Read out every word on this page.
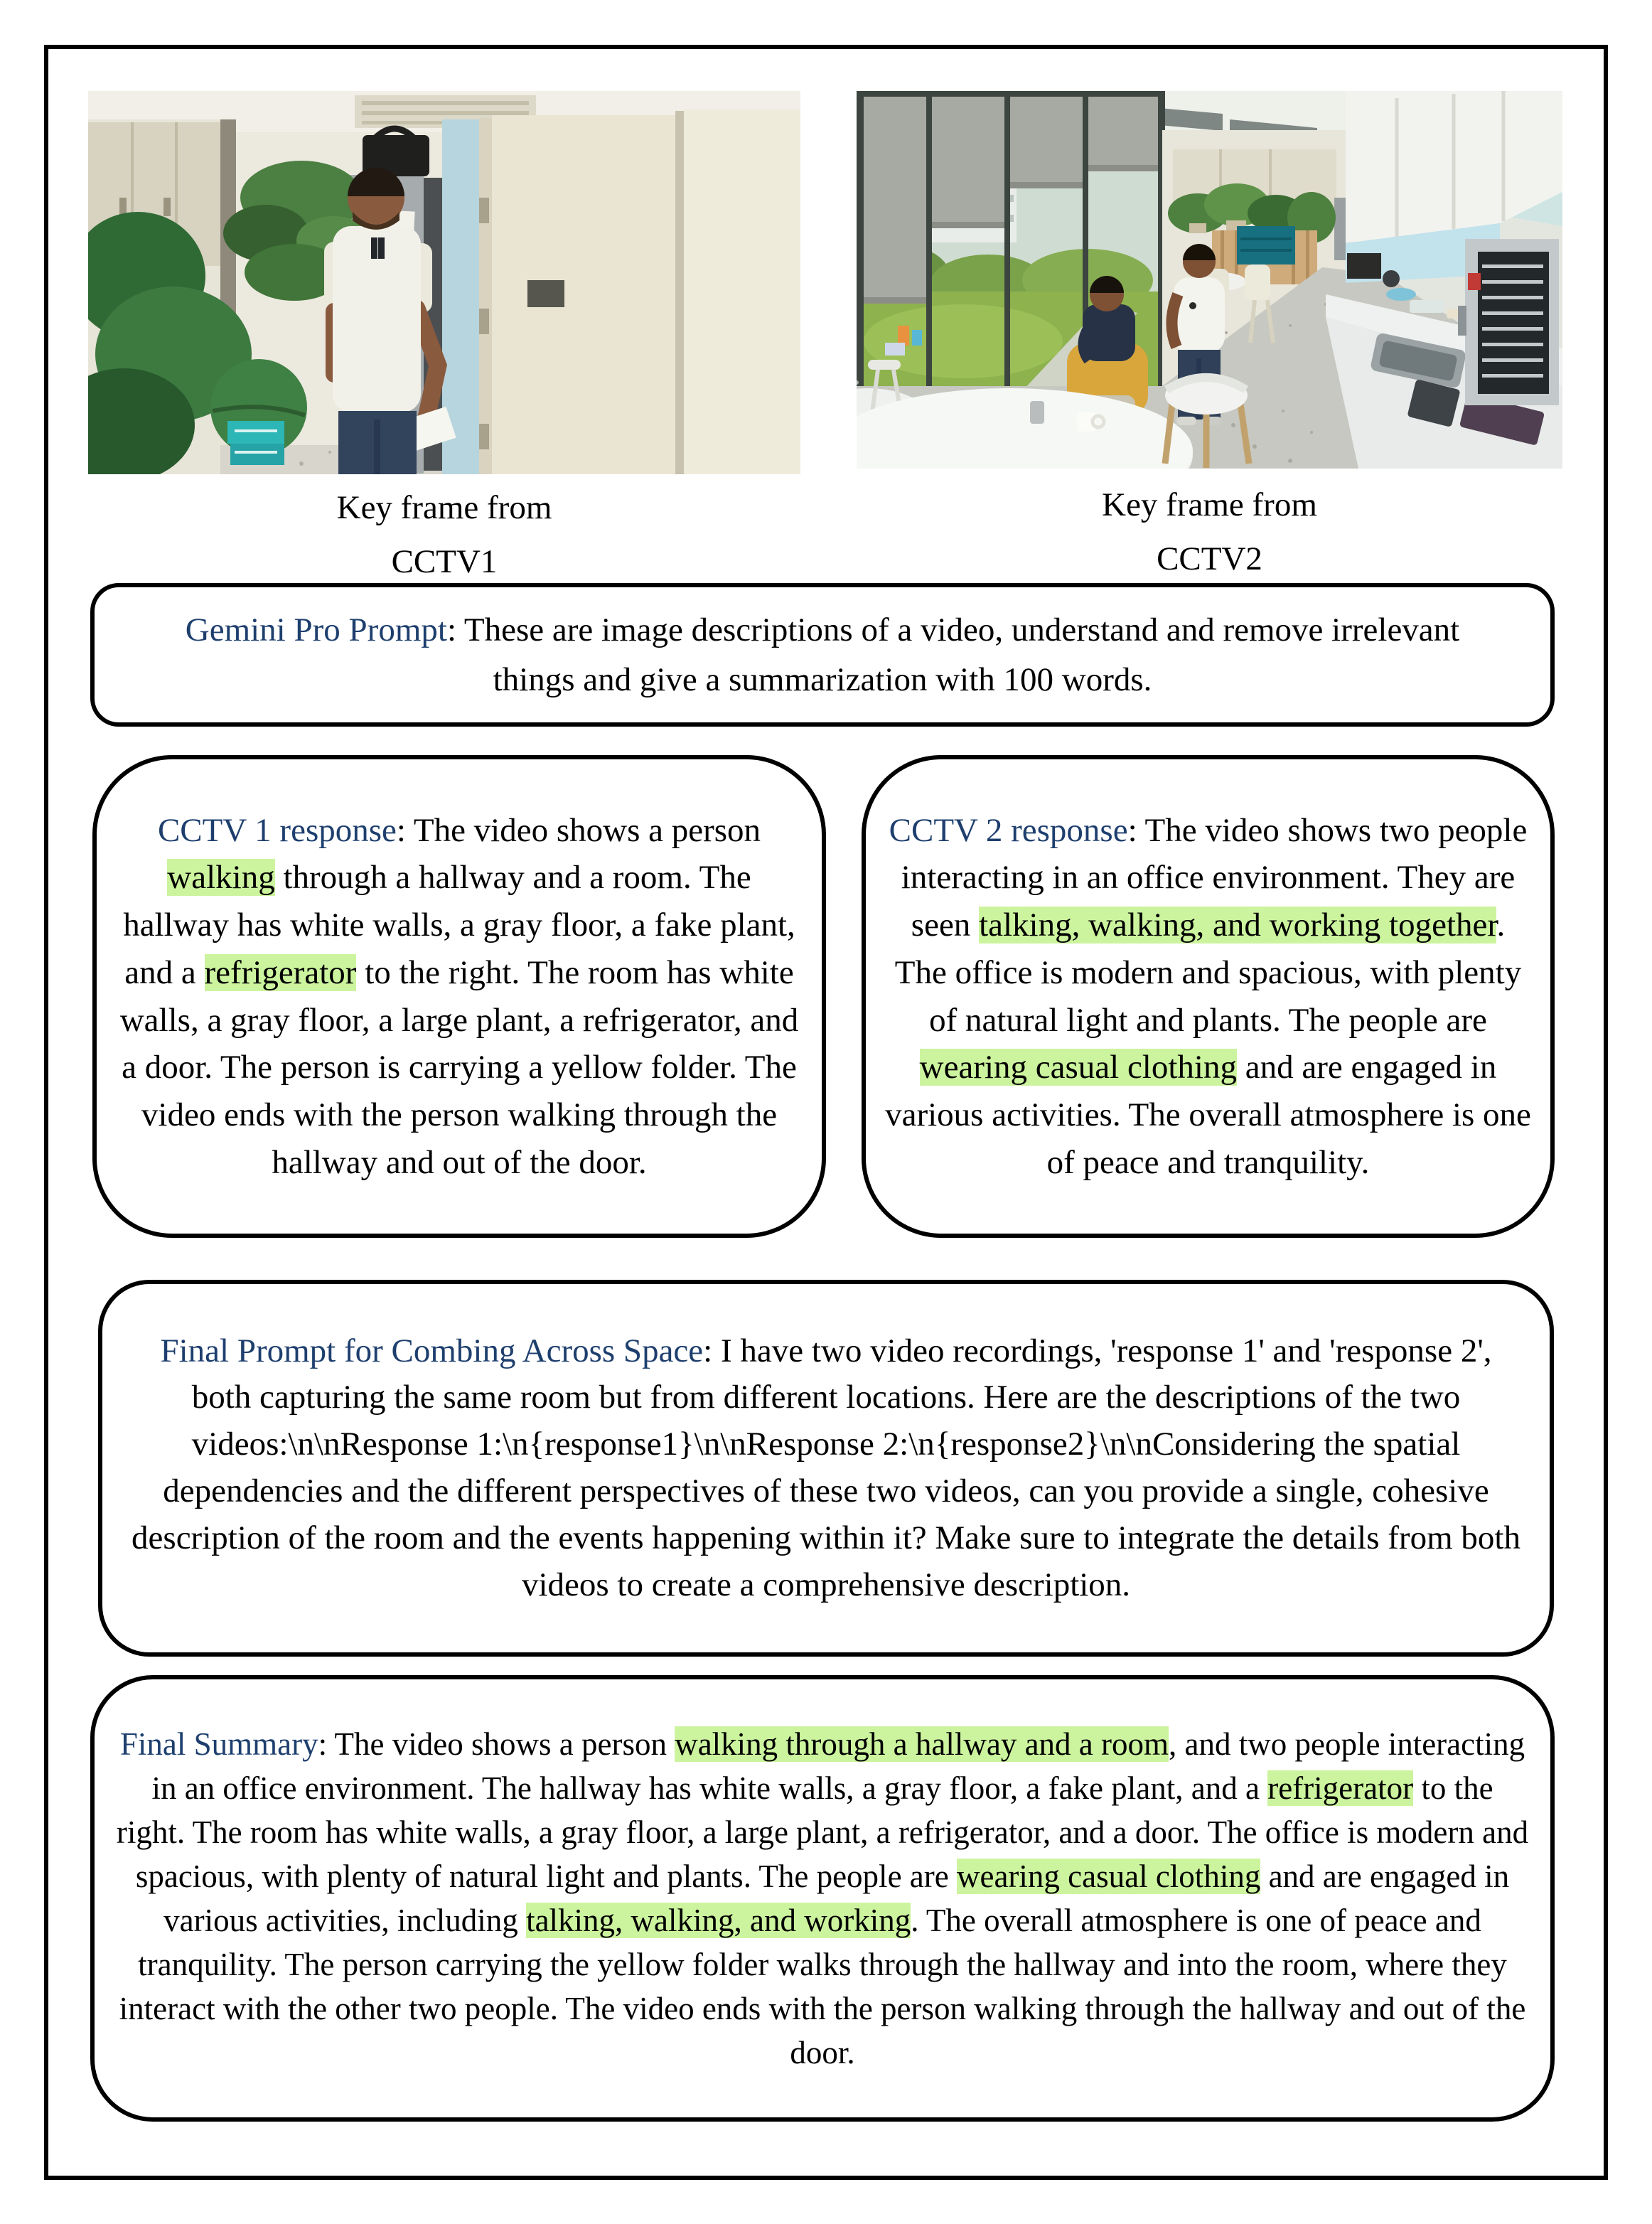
Key frame from
CCTV1
Key frame from
CCTV2

Gemini Pro Prompt: These are image descriptions of a video, understand and remove irrelevant things and give a summarization with 100 words.

CCTV 1 response: The video shows a person walking through a hallway and a room. The hallway has white walls, a gray floor, a fake plant, and a refrigerator to the right. The room has white walls, a gray floor, a large plant, a refrigerator, and a door. The person is carrying a yellow folder. The video ends with the person walking through the hallway and out of the door.

CCTV 2 response: The video shows two people interacting in an office environment. They are seen talking, walking, and working together. The office is modern and spacious, with plenty of natural light and plants. The people are wearing casual clothing and are engaged in various activities. The overall atmosphere is one of peace and tranquility.

Final Prompt for Combing Across Space: I have two video recordings, 'response 1' and 'response 2', both capturing the same room but from different locations. Here are the descriptions of the two videos:\n\nResponse 1:\n{response1}\n\nResponse 2:\n{response2}\n\nConsidering the spatial dependencies and the different perspectives of these two videos, can you provide a single, cohesive description of the room and the events happening within it? Make sure to integrate the details from both videos to create a comprehensive description.

Final Summary: The video shows a person walking through a hallway and a room, and two people interacting in an office environment. The hallway has white walls, a gray floor, a fake plant, and a refrigerator to the right. The room has white walls, a gray floor, a large plant, a refrigerator, and a door. The office is modern and spacious, with plenty of natural light and plants. The people are wearing casual clothing and are engaged in various activities, including talking, walking, and working. The overall atmosphere is one of peace and tranquility. The person carrying the yellow folder walks through the hallway and into the room, where they interact with the other two people. The video ends with the person walking through the hallway and out of the door.
